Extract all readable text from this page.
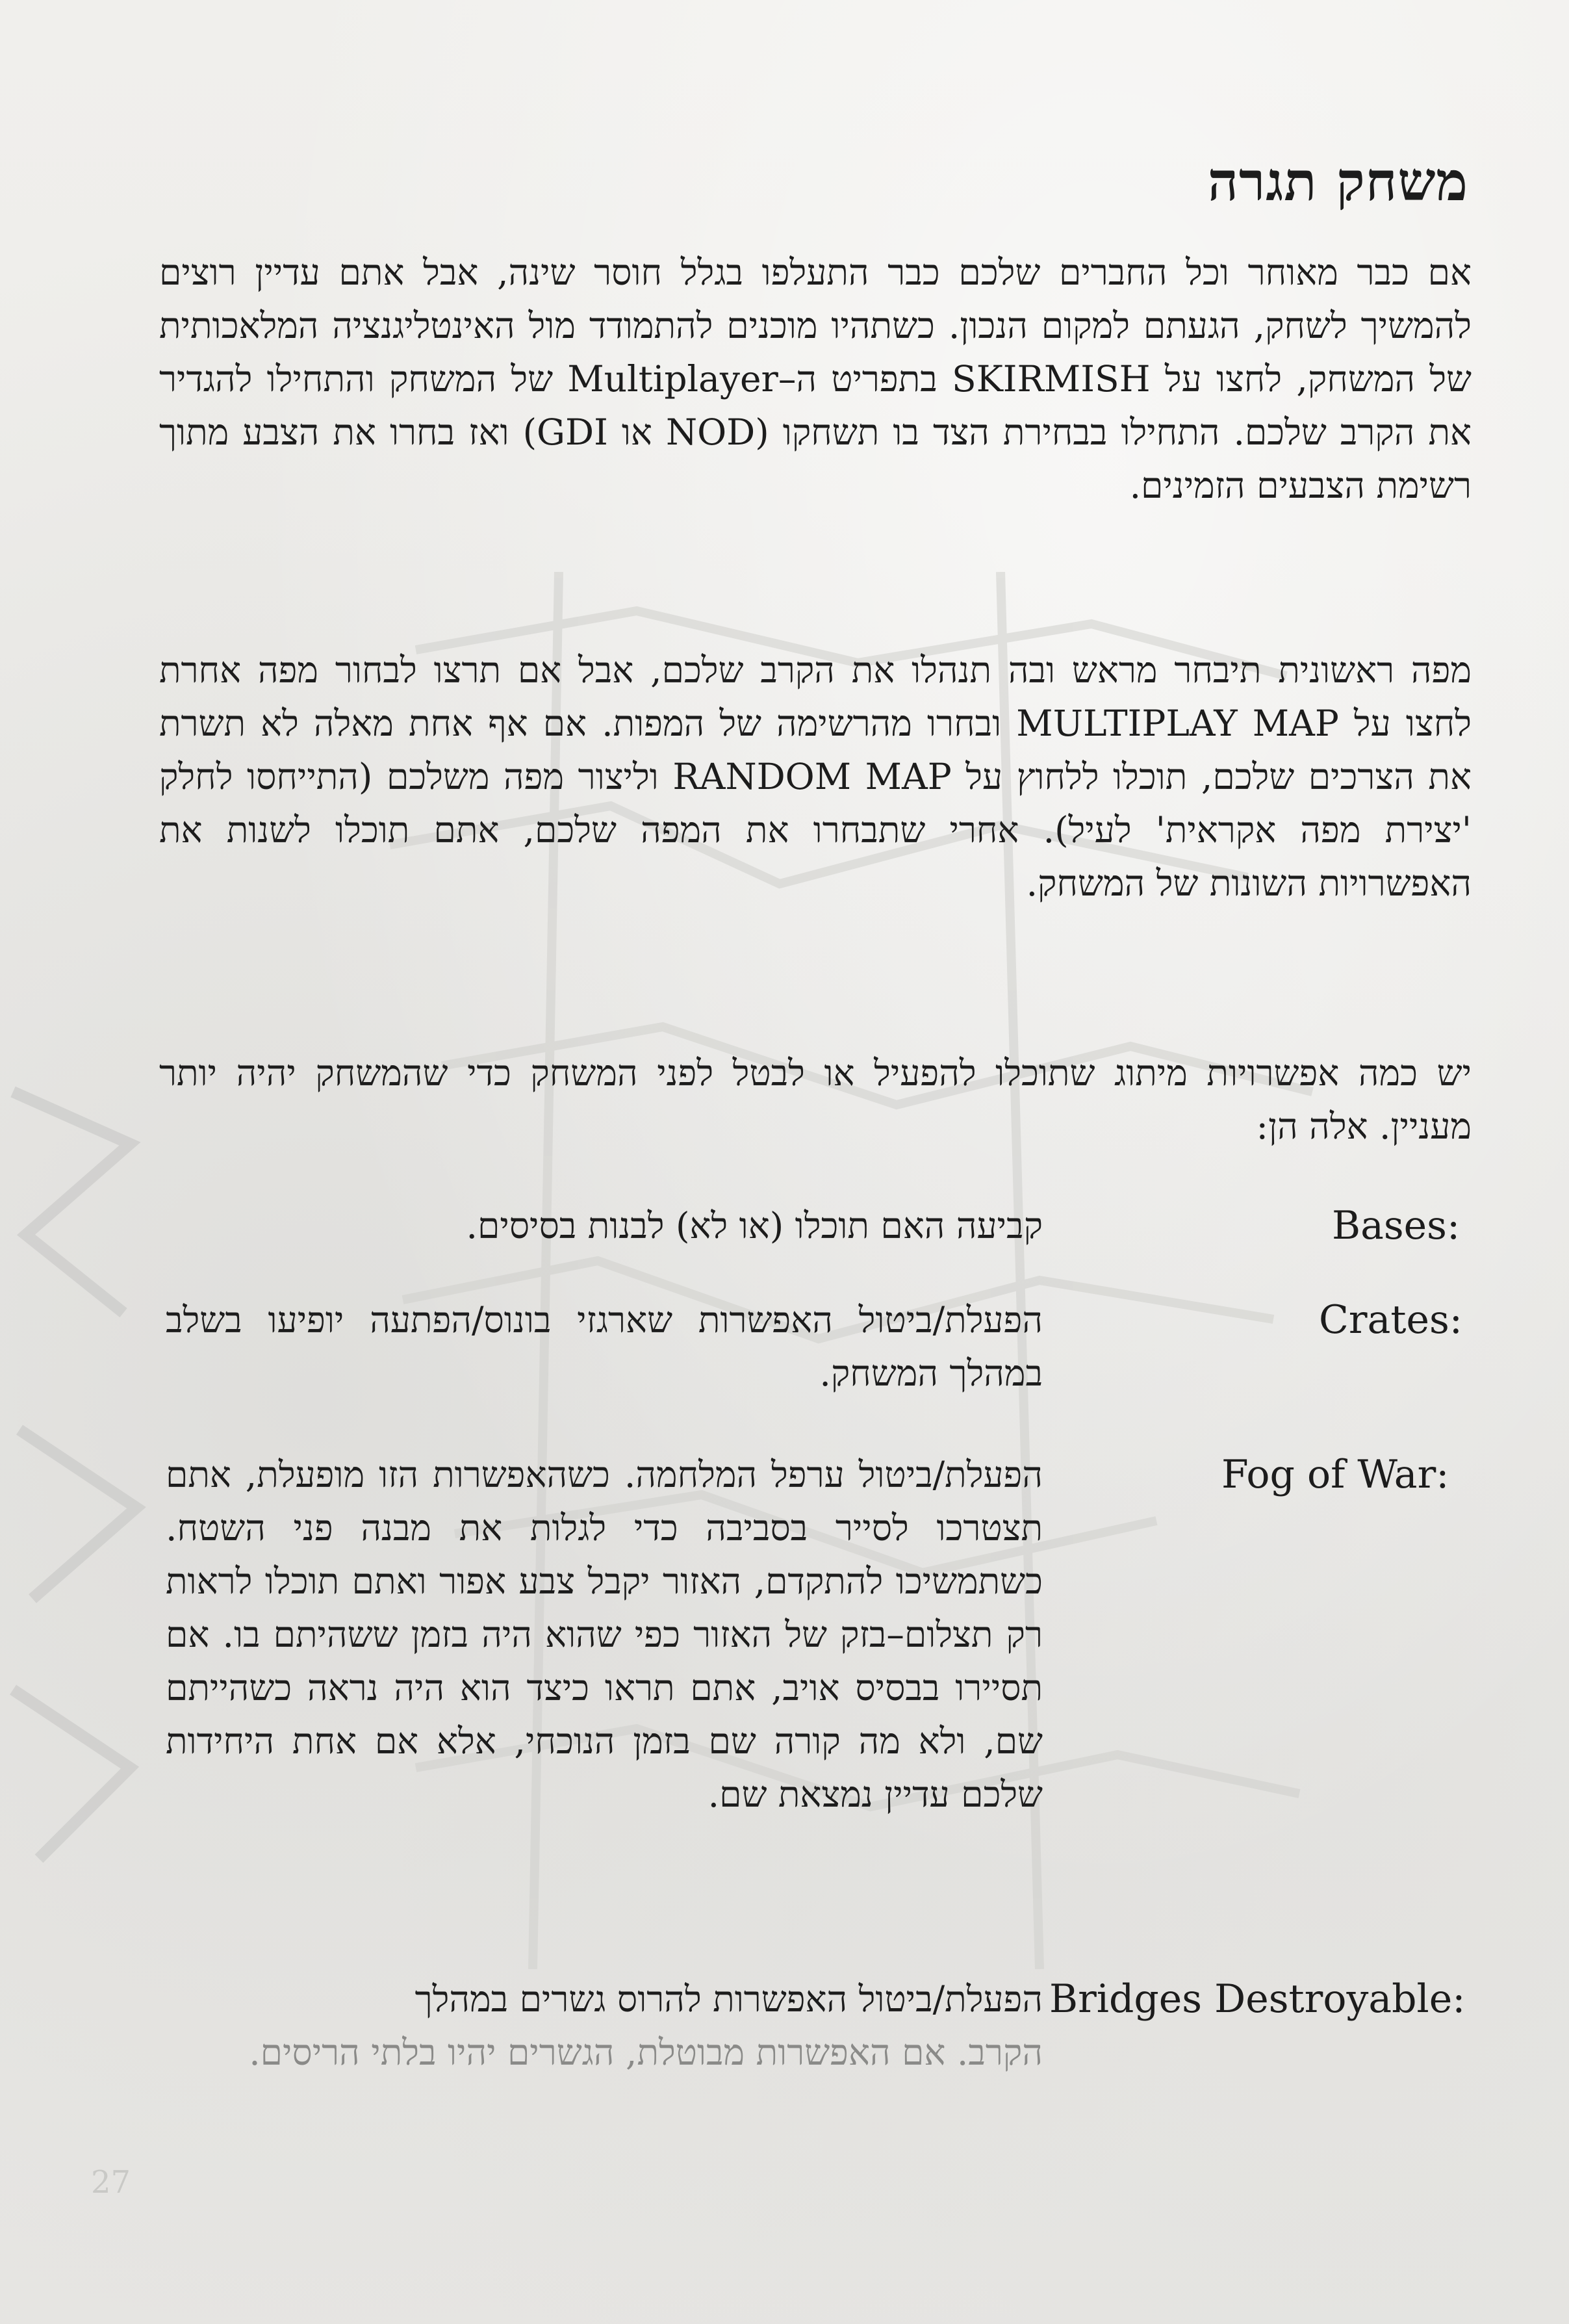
משחק תגרה

אם כבר מאוחר וכל החברים שלכם כבר התעלפו בגלל חוסר שינה, אבל אתם עדיין רוצים להמשיך לשחק, הגעתם למקום הנכון. כשתהיו מוכנים להתמודד מול האינטליגנציה המלאכותית של המשחק, לחצו על SKIRMISH בתפריט ה–Multiplayer של המשחק והתחילו להגדיר את הקרב שלכם. התחילו בבחירת הצד בו תשחקו (NOD או GDI) ואז בחרו את הצבע מתוך רשימת הצבעים הזמינים.

מפה ראשונית תיבחר מראש ובה תנהלו את הקרב שלכם, אבל אם תרצו לבחור מפה אחרת לחצו על MULTIPLAY MAP ובחרו מהרשימה של המפות. אם אף אחת מאלה לא תשרת את הצרכים שלכם, תוכלו ללחוץ על RANDOM MAP וליצור מפה משלכם (התייחסו לחלק 'יצירת מפה אקראית' לעיל). אחרי שתבחרו את המפה שלכם, אתם תוכלו לשנות את האפשרויות השונות של המשחק.

יש כמה אפשרויות מיתוג שתוכלו להפעיל או לבטל לפני המשחק כדי שהמשחק יהיה יותר מעניין. אלה הן:

Bases:

קביעה האם תוכלו (או לא) לבנות בסיסים.

Crates:

הפעלת/ביטול האפשרות שארגזי בונוס/הפתעה יופיעו בשלב במהלך המשחק.

Fog of War:

הפעלת/ביטול ערפל המלחמה. כשהאפשרות הזו מופעלת, אתם תצטרכו לסייר בסביבה כדי לגלות את מבנה פני השטח. כשתמשיכו להתקדם, האזור יקבל צבע אפור ואתם תוכלו לראות רק תצלום–בזק של האזור כפי שהוא היה בזמן ששהיתם בו. אם תסיירו בבסיס אויב, אתם תראו כיצד הוא היה נראה כשהייתם שם, ולא מה קורה שם בזמן הנוכחי, אלא אם אחת היחידות שלכם עדיין נמצאת שם.

Bridges Destroyable:

הפעלת/ביטול האפשרות להרוס גשרים במהלך

הקרב. אם האפשרות מבוטלת, הגשרים יהיו בלתי הריסים.

27
